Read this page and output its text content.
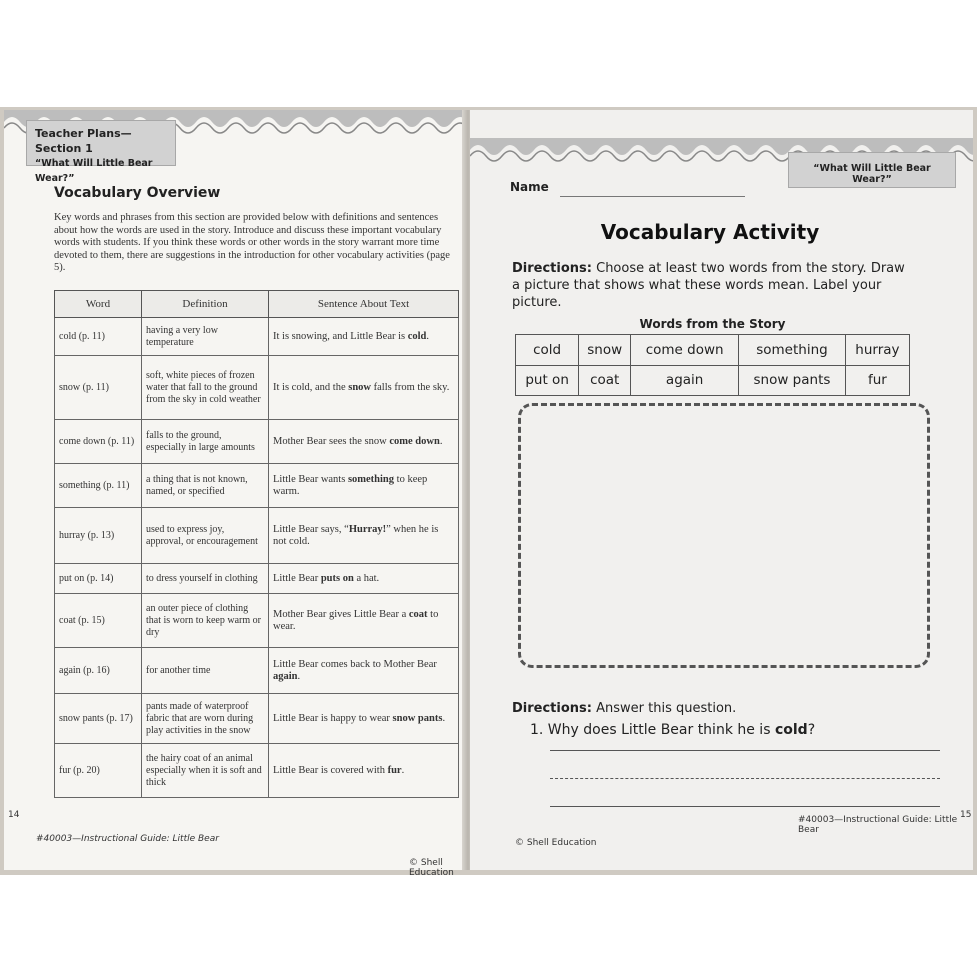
Teacher Plans—Section 1
“What Will Little Bear Wear?”
Vocabulary Overview
Key words and phrases from this section are provided below with definitions and sentences about how the words are used in the story. Introduce and discuss these important vocabulary words with students. If you think these words or other words in the story warrant more time devoted to them, there are suggestions in the introduction for other vocabulary activities (page 5).
Word	Definition	Sentence About Text
cold (p. 11)	having a very low temperature	It is snowing, and Little Bear is cold.
snow (p. 11)	soft, white pieces of frozen water that fall to the ground from the sky in cold weather	It is cold, and the snow falls from the sky.
come down (p. 11)	falls to the ground, especially in large amounts	Mother Bear sees the snow come down.
something (p. 11)	a thing that is not known, named, or specified	Little Bear wants something to keep warm.
hurray (p. 13)	used to express joy, approval, or encouragement	Little Bear says, “Hurray!” when he is not cold.
put on (p. 14)	to dress yourself in clothing	Little Bear puts on a hat.
coat (p. 15)	an outer piece of clothing that is worn to keep warm or dry	Mother Bear gives Little Bear a coat to wear.
again (p. 16)	for another time	Little Bear comes back to Mother Bear again.
snow pants (p. 17)	pants made of waterproof fabric that are worn during play activities in the snow	Little Bear is happy to wear snow pants.
fur (p. 20)	the hairy coat of an animal especially when it is soft and thick	Little Bear is covered with fur.
#40003—Instructional Guide: Little Bear
© Shell Education
14
Name
“What Will Little Bear Wear?”
Vocabulary Activity
Directions: Choose at least two words from the story. Draw a picture that shows what these words mean. Label your picture.
Words from the Story
cold	snow	come down	something	hurray
put on	coat	again	snow pants	fur
Directions: Answer this question.
1. Why does Little Bear think he is cold?
© Shell Education
#40003—Instructional Guide: Little Bear
15
